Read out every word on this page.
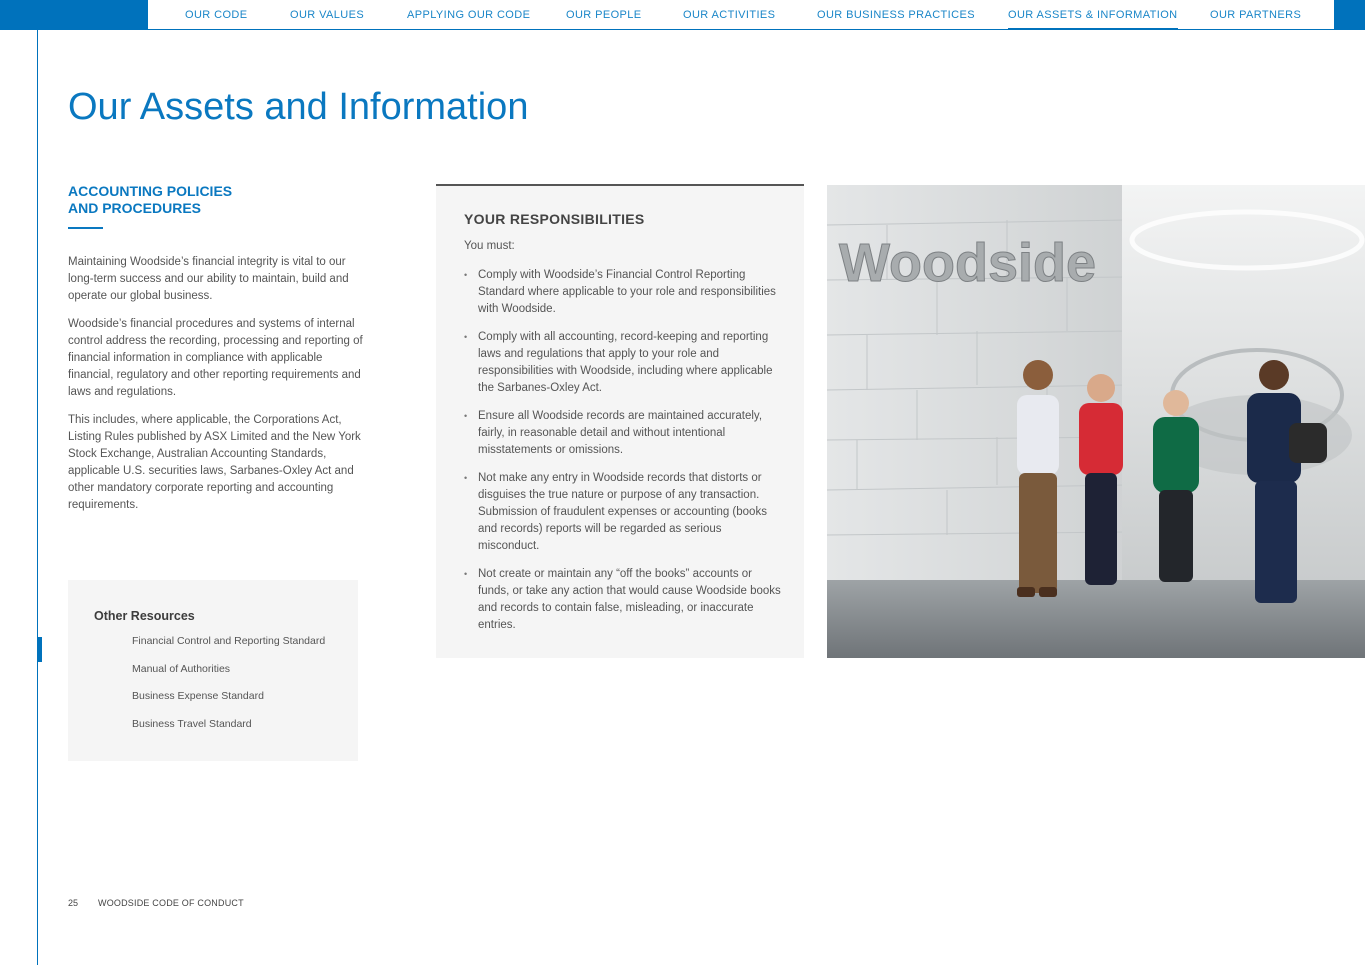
OUR CODE	OUR VALUES	APPLYING OUR CODE	OUR PEOPLE	OUR ACTIVITIES	OUR BUSINESS PRACTICES	OUR ASSETS & INFORMATION	OUR PARTNERS
Our Assets and Information
ACCOUNTING POLICIES
AND PROCEDURES

Maintaining Woodside’s financial integrity is vital to our long-term success and our ability to maintain, build and operate our global business.

Woodside’s financial procedures and systems of internal control address the recording, processing and reporting of financial information in compliance with applicable financial, regulatory and other reporting requirements and laws and regulations.

This includes, where applicable, the Corporations Act, Listing Rules published by ASX Limited and the New York Stock Exchange, Australian Accounting Standards, applicable U.S. securities laws, Sarbanes-Oxley Act and other mandatory corporate reporting and accounting requirements.

Other Resources
Financial Control and Reporting Standard
Manual of Authorities
Business Expense Standard
Business Travel Standard
YOUR RESPONSIBILITIES
You must:
• Comply with Woodside’s Financial Control Reporting Standard where applicable to your role and responsibilities with Woodside.
• Comply with all accounting, record-keeping and reporting laws and regulations that apply to your role and responsibilities with Woodside, including where applicable the Sarbanes-Oxley Act.
• Ensure all Woodside records are maintained accurately, fairly, in reasonable detail and without intentional misstatements or omissions.
• Not make any entry in Woodside records that distorts or disguises the true nature or purpose of any transaction. Submission of fraudulent expenses or accounting (books and records) reports will be regarded as serious misconduct.
• Not create or maintain any “off the books” accounts or funds, or take any action that would cause Woodside books and records to contain false, misleading, or inaccurate entries.
Woodside
25 WOODSIDE CODE OF CONDUCT
